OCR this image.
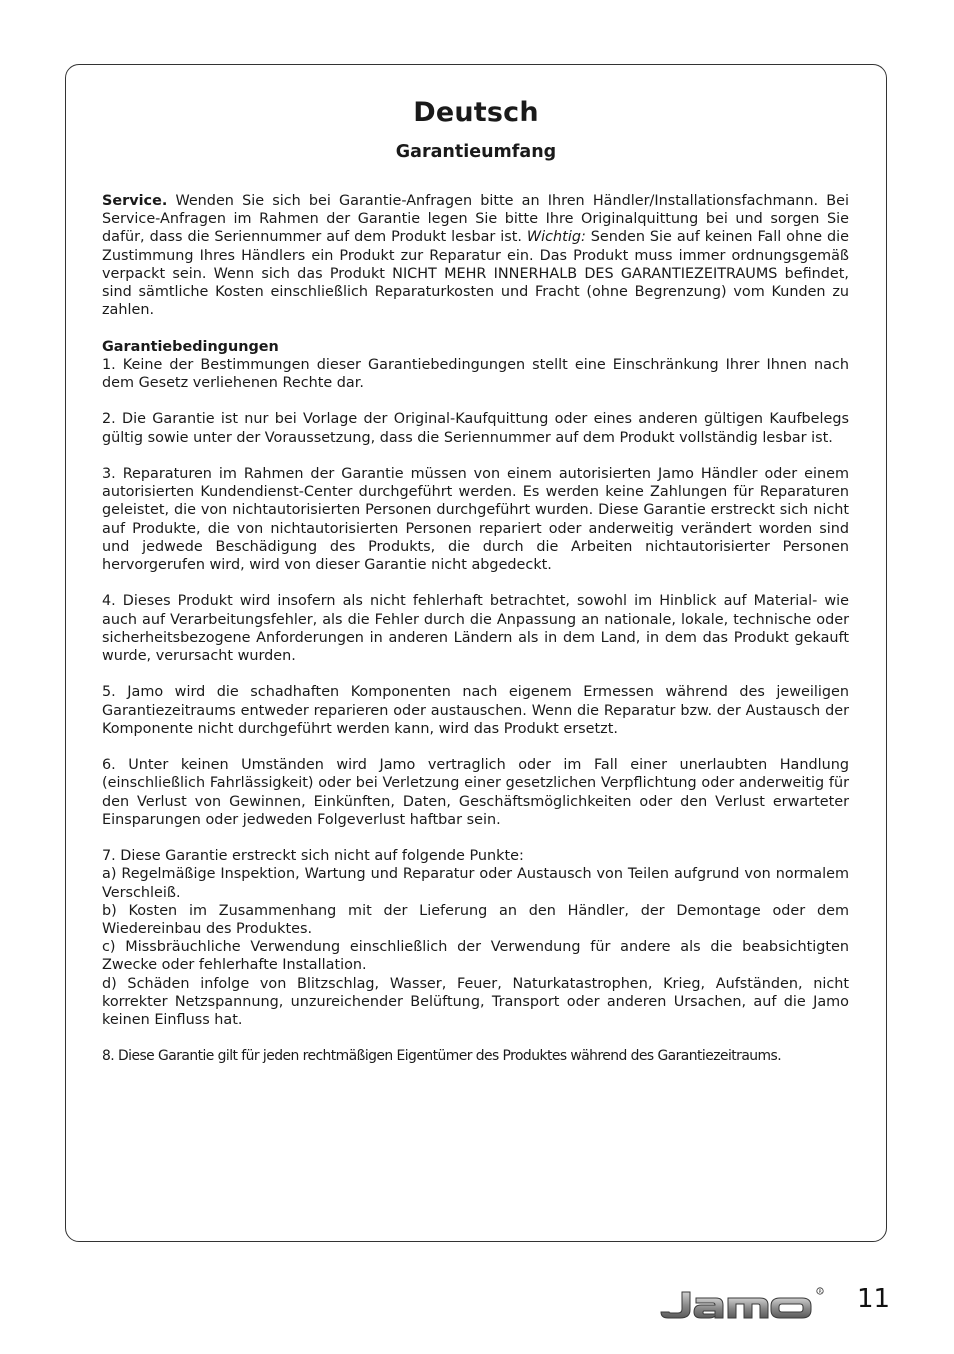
Deutsch
Garantieumfang

Service. Wenden Sie sich bei Garantie-Anfragen bitte an Ihren Händler/Installationsfachmann. Bei Service-Anfragen im Rahmen der Garantie legen Sie bitte Ihre Originalquittung bei und sorgen Sie dafür, dass die Seriennummer auf dem Produkt lesbar ist. Wichtig: Senden Sie auf keinen Fall ohne die Zustimmung Ihres Händlers ein Produkt zur Reparatur ein. Das Produkt muss immer ordnungsgemäß verpackt sein. Wenn sich das Produkt NICHT MEHR INNERHALB DES GARANTIEZEITRAUMS befindet, sind sämtliche Kosten einschließlich Reparaturkosten und Fracht (ohne Begrenzung) vom Kunden zu zahlen.

Garantiebedingungen
1. Keine der Bestimmungen dieser Garantiebedingungen stellt eine Einschränkung Ihrer Ihnen nach dem Gesetz verliehenen Rechte dar.

2. Die Garantie ist nur bei Vorlage der Original-Kaufquittung oder eines anderen gültigen Kaufbelegs gültig sowie unter der Voraussetzung, dass die Seriennummer auf dem Produkt vollständig lesbar ist.

3. Reparaturen im Rahmen der Garantie müssen von einem autorisierten Jamo Händler oder einem autorisierten Kundendienst-Center durchgeführt werden. Es werden keine Zahlungen für Reparaturen geleistet, die von nichtautorisierten Personen durchgeführt wurden. Diese Garantie erstreckt sich nicht auf Produkte, die von nichtautorisierten Personen repariert oder anderweitig verändert worden sind und jedwede Beschädigung des Produkts, die durch die Arbeiten nichtautorisierter Personen hervorgerufen wird, wird von dieser Garantie nicht abgedeckt.

4. Dieses Produkt wird insofern als nicht fehlerhaft betrachtet, sowohl im Hinblick auf Material- wie auch auf Verarbeitungsfehler, als die Fehler durch die Anpassung an nationale, lokale, technische oder sicherheitsbezogene Anforderungen in anderen Ländern als in dem Land, in dem das Produkt gekauft wurde, verursacht wurden.

5. Jamo wird die schadhaften Komponenten nach eigenem Ermessen während des jeweiligen Garantiezeitraums entweder reparieren oder austauschen. Wenn die Reparatur bzw. der Austausch der Komponente nicht durchgeführt werden kann, wird das Produkt ersetzt.

6. Unter keinen Umständen wird Jamo vertraglich oder im Fall einer unerlaubten Handlung (einschließlich Fahrlässigkeit) oder bei Verletzung einer gesetzlichen Verpflichtung oder anderweitig für den Verlust von Gewinnen, Einkünften, Daten, Geschäftsmöglichkeiten oder den Verlust erwarteter Einsparungen oder jedweden Folgeverlust haftbar sein.

7. Diese Garantie erstreckt sich nicht auf folgende Punkte:
a) Regelmäßige Inspektion, Wartung und Reparatur oder Austausch von Teilen aufgrund von normalem Verschleiß.
b) Kosten im Zusammenhang mit der Lieferung an den Händler, der Demontage oder dem Wiedereinbau des Produktes.
c) Missbräuchliche Verwendung einschließlich der Verwendung für andere als die beabsichtigten Zwecke oder fehlerhafte Installation.
d) Schäden infolge von Blitzschlag, Wasser, Feuer, Naturkatastrophen, Krieg, Aufständen, nicht korrekter Netzspannung, unzureichender Belüftung, Transport oder anderen Ursachen, auf die Jamo keinen Einfluss hat.

8. Diese Garantie gilt für jeden rechtmäßigen Eigentümer des Produktes während des Garantiezeitraums.

R 11
